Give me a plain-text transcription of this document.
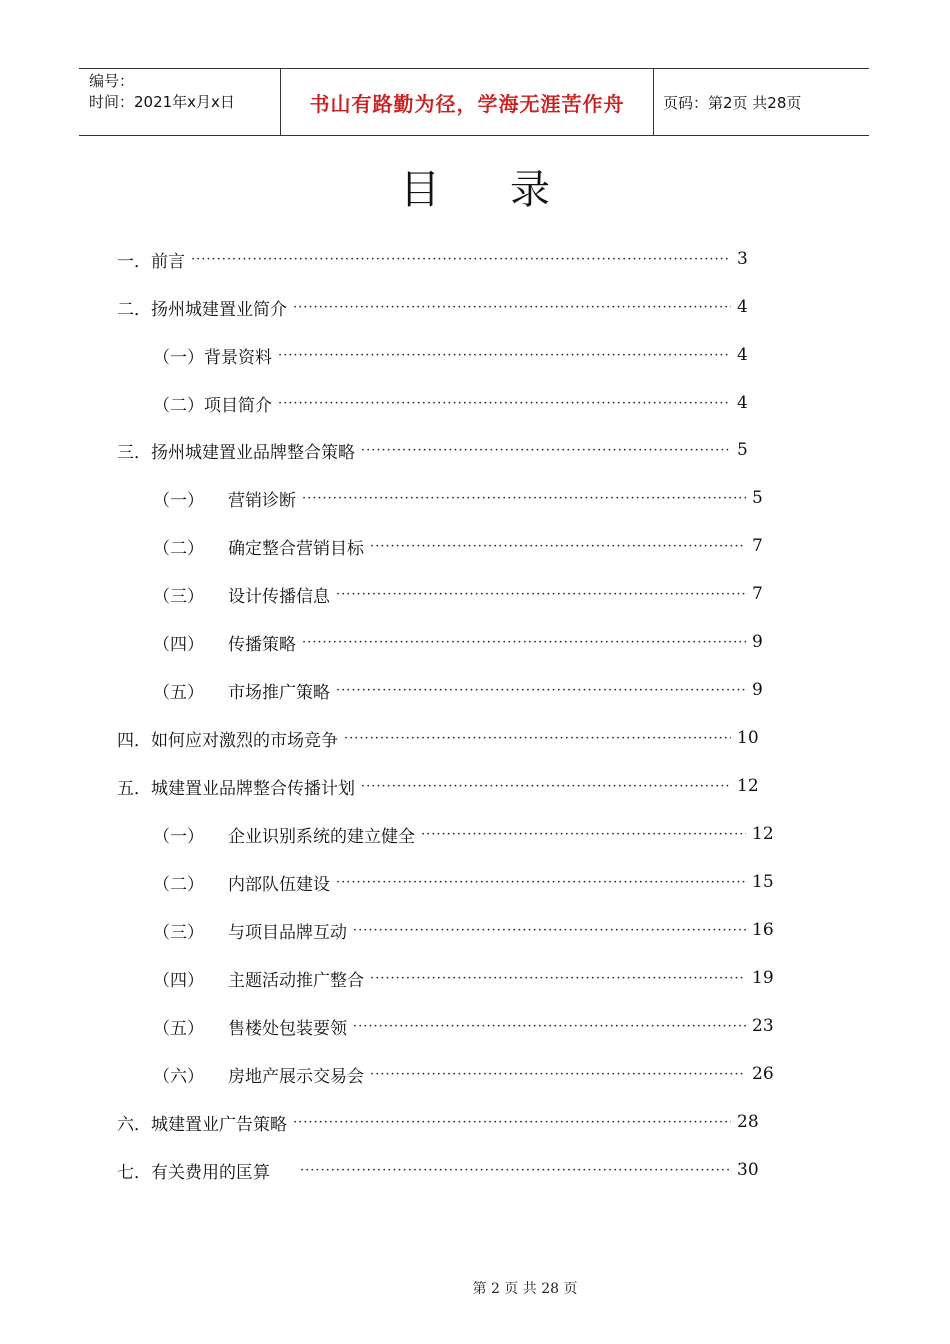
编号：
时间：2021年x月x日	书山有路勤为径，学海无涯苦作舟	页码：第2页 共28页
目录
一． 前言 ·····	3
二． 扬州城建置业简介 ·····	4
（一） 背景资料 ·····	4
（二） 项目简介 ·····	4
三． 扬州城建置业品牌整合策略 ·····	5
（一） 营销诊断 ·····	5
（二） 确定整合营销目标 ·····	7
（三） 设计传播信息 ·····	7
（四） 传播策略 ·····	9
（五） 市场推广策略 ·····	9
四． 如何应对激烈的市场竞争 ·····	10
五． 城建置业品牌整合传播计划 ·····	12
（一） 企业识别系统的建立健全 ·····	12
（二） 内部队伍建设 ·····	15
（三） 与项目品牌互动 ·····	16
（四） 主题活动推广整合 ·····	19
（五） 售楼处包装要领 ·····	23
（六） 房地产展示交易会 ·····	26
六． 城建置业广告策略 ·····	28
七． 有关费用的匡算 ·····	30
第 2 页 共 28 页
